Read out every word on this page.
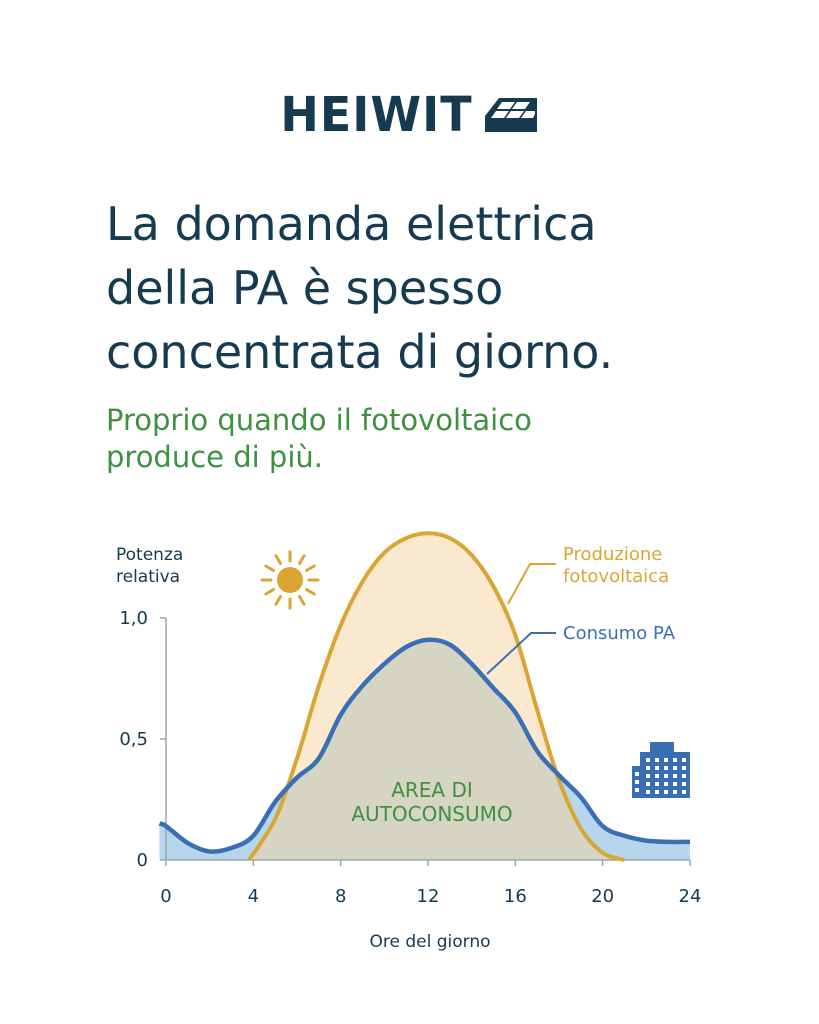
HEIWIT
La domanda elettrica
della PA è spesso
concentrata di giorno.

Proprio quando il fotovoltaico
produce di più.

0	4	8	12	16	20	24
0
0,5
1,0
Potenza
relativa
Ore del giorno
AREA DI
AUTOCONSUMO
Produzione
fotovoltaica
Consumo PA
